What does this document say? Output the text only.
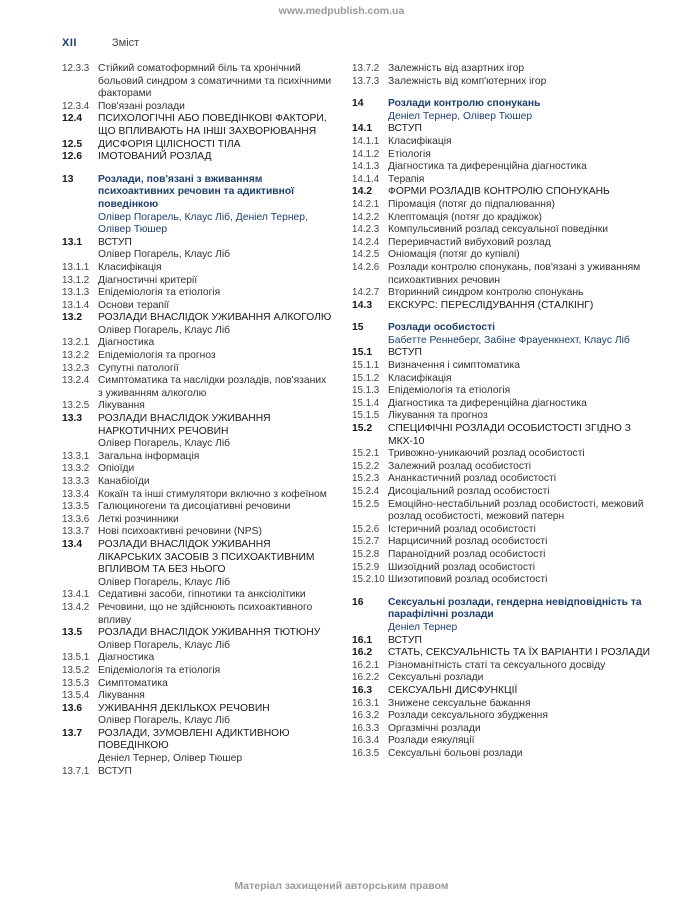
www.medpublish.com.ua
XII	Зміст
12.3.3 Стійкий соматоформний біль та хронічний больовий синдром з соматичними та психічними факторами
12.3.4 Пов'язані розлади
12.4	ПСИХОЛОГІЧНІ АБО ПОВЕДІНКОВІ ФАКТОРИ, ЩО ВПЛИВАЮТЬ НА ІНШІ ЗАХВОРЮВАННЯ
12.5	ДИСФОРІЯ ЦІЛІСНОСТІ ТІЛА
12.6	ІМОТОВАНИЙ РОЗЛАД
13	Розлади, пов'язані з вживанням психоактивних речовин та адиктивної поведінкою
Олівер Погарель, Клаус Ліб, Деніел Тернер, Олівер Тюшер
13.1	ВСТУП
Олівер Погарель, Клаус Ліб
13.1.1 Класифікація
13.1.2 Діагностичні критерії
13.1.3 Епідеміологія та етіологія
13.1.4 Основи терапії
13.2	РОЗЛАДИ ВНАСЛІДОК УЖИВАННЯ АЛКОГОЛЮ
Олівер Погарель, Клаус Ліб
13.2.1 Діагностика
13.2.2 Епідеміологія та прогноз
13.2.3 Супутні патології
13.2.4 Симптоматика та наслідки розладів, пов'язаних з уживанням алкоголю
13.2.5 Лікування
13.3	РОЗЛАДИ ВНАСЛІДОК УЖИВАННЯ НАРКОТИЧНИХ РЕЧОВИН
Олівер Погарель, Клаус Ліб
13.3.1 Загальна інформація
13.3.2 Опіоїди
13.3.3 Канабіоїди
13.3.4 Кокаїн та інші стимулятори включно з кофеїном
13.3.5 Галюциногени та дисоціативні речовини
13.3.6 Леткі розчинники
13.3.7 Нові психоактивні речовини (NPS)
13.4	РОЗЛАДИ ВНАСЛІДОК УЖИВАННЯ ЛІКАРСЬКИХ ЗАСОБІВ З ПСИХОАКТИВНИМ ВПЛИВОМ ТА БЕЗ НЬОГО
Олівер Погарель, Клаус Ліб
13.4.1 Седативні засоби, гіпнотики та анксіолітики
13.4.2 Речовини, що не здійснюють психоактивного впливу
13.5	РОЗЛАДИ ВНАСЛІДОК УЖИВАННЯ ТЮТЮНУ
Олівер Погарель, Клаус Ліб
13.5.1 Діагностика
13.5.2 Епідеміологія та етіологія
13.5.3 Симптоматика
13.5.4 Лікування
13.6	УЖИВАННЯ ДЕКІЛЬКОХ РЕЧОВИН
Олівер Погарель, Клаус Ліб
13.7	РОЗЛАДИ, ЗУМОВЛЕНІ АДИКТИВНОЮ ПОВЕДІНКОЮ
Деніел Тернер, Олівер Тюшер
13.7.1 ВСТУП
13.7.2 Залежність від азартних ігор
13.7.3 Залежність від комп'ютерних ігор
14	Розлади контролю спонукань
Деніел Тернер, Олівер Тюшер
14.1	ВСТУП
14.1.1 Класифікація
14.1.2 Етіологія
14.1.3 Діагностика та диференційна діагностика
14.1.4 Терапія
14.2	ФОРМИ РОЗЛАДІВ КОНТРОЛЮ СПОНУКАНЬ
14.2.1 Піромація (потяг до підпалювання)
14.2.2 Клептомація (потяг до крадіжок)
14.2.3 Компульсивний розлад сексуальної поведінки
14.2.4 Переривчастий вибуховий розлад
14.2.5 Оніомація (потяг до купівлі)
14.2.6 Розлади контролю спонукань, пов'язані з уживанням психоактивних речовин
14.2.7 Вторинний синдром контролю спонукань
14.3	ЕКСКУРС: ПЕРЕСЛІДУВАННЯ (СТАЛКІНГ)
15	Розлади особистості
Бабетте Реннеберг, Забіне Фрауенкнехт, Клаус Ліб
15.1	ВСТУП
15.1.1 Визначення і симптоматика
15.1.2 Класифікація
15.1.3 Епідеміологія та етіологія
15.1.4 Діагностика та диференційна діагностика
15.1.5 Лікування та прогноз
15.2	СПЕЦИФІЧНІ РОЗЛАДИ ОСОБИСТОСТІ ЗГІДНО З МКХ-10
15.2.1 Тривожно-уникаючий розлад особистості
15.2.2 Залежний розлад особистості
15.2.3 Ананкастичний розлад особистості
15.2.4 Дисоціальний розлад особистості
15.2.5 Емоційно-нестабільний розлад особистості, межовий розлад особистості, межовий патерн
15.2.6 Істеричний розлад особистості
15.2.7 Нарцисичний розлад особистості
15.2.8 Параноїдний розлад особистості
15.2.9 Шизоїдний розлад особистості
15.2.10 Шизотиповий розлад особистості
16	Сексуальні розлади, гендерна невідповідність та парафілічні розлади
Деніел Тернер
16.1	ВСТУП
16.2	СТАТЬ, СЕКСУАЛЬНІСТЬ ТА ЇХ ВАРІАНТИ І РОЗЛАДИ
16.2.1 Різноманітність статі та сексуального досвіду
16.2.2 Сексуальні розлади
16.3	СЕКСУАЛЬНІ ДИСФУНКЦІЇ
16.3.1 Знижене сексуальне бажання
16.3.2 Розлади сексуального збудження
16.3.3 Оргазмічні розлади
16.3.4 Розлади еякуляції
16.3.5 Сексуальні больові розлади
Матеріал захищений авторським правом
